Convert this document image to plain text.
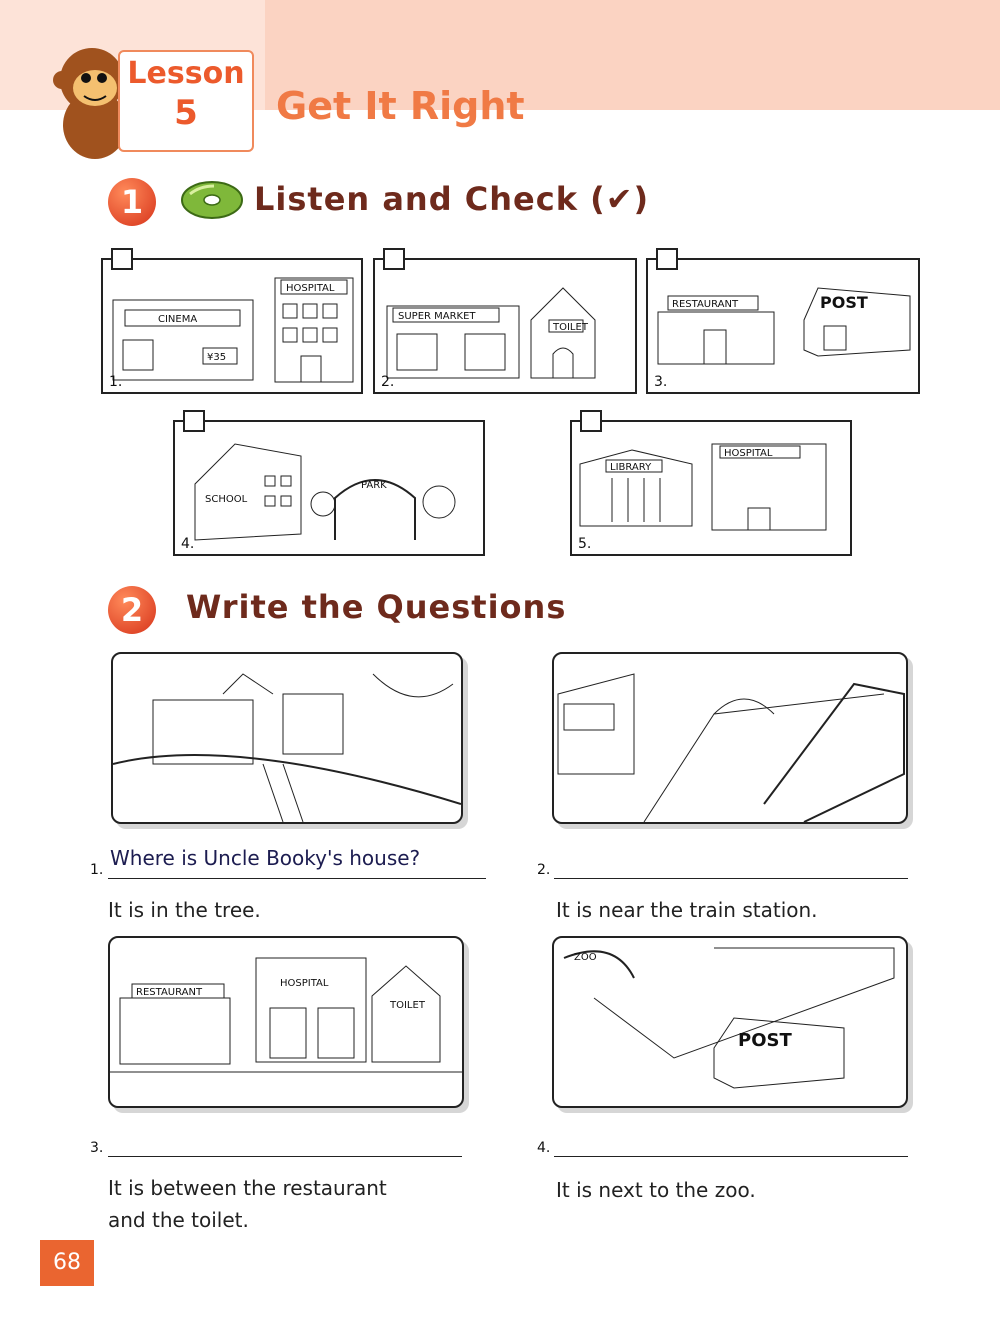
Lesson
5	Get It Right
1	Listen and Check (✔)
CINEMA
¥35
HOSPITAL
1.
SUPER MARKET
TOILET
2.
RESTAURANT	POST
3.
SCHOOL
PARK
4.
LIBRARY
HOSPITAL
5.
2	Write the Questions
1. Where is Uncle Booky's house?
It is in the tree.
2.
It is near the train station.
RESTAURANT
HOSPITAL
TOILET
ZOO
POST
3.
It is between the restaurant
and the toilet.
4.
It is next to the zoo.
68
